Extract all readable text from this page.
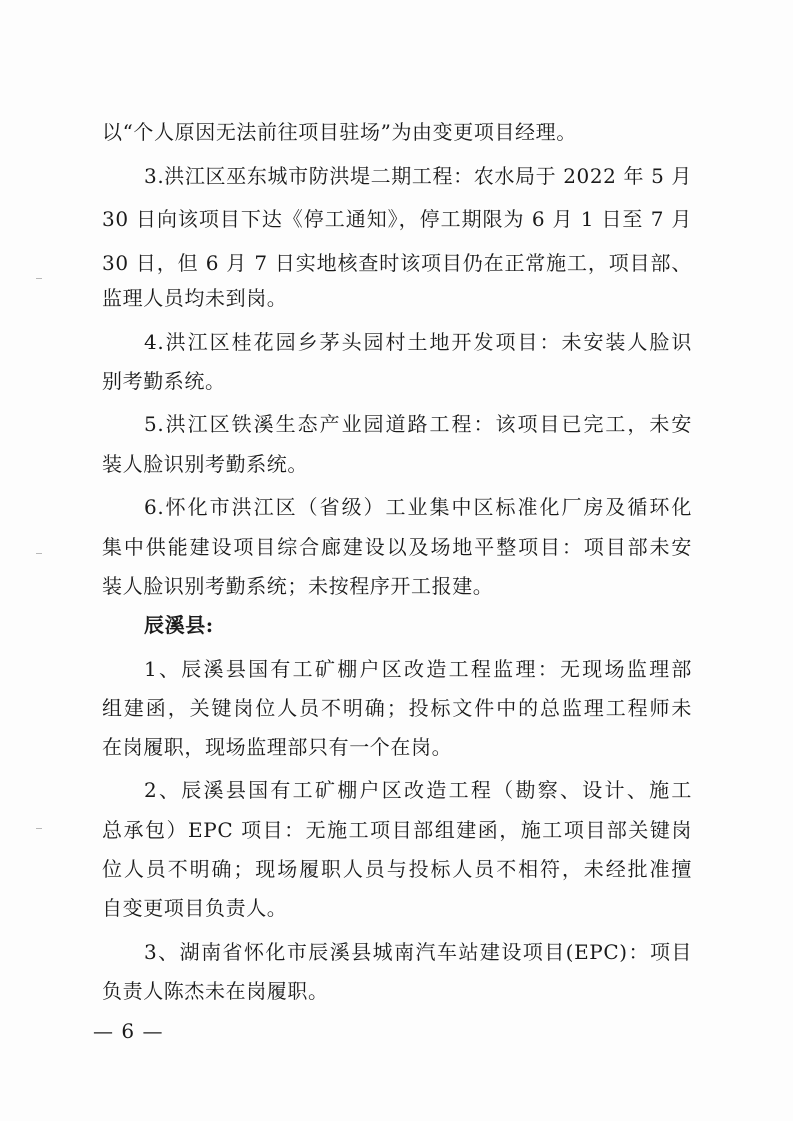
以“个人原因无法前往项目驻场”为由变更项目经理。
3.洪江区巫东城市防洪堤二期工程：农水局于 2022 年 5 月
30 日向该项目下达《停工通知》，停工期限为 6 月 1 日至 7 月
30 日，但 6 月 7 日实地核查时该项目仍在正常施工，项目部、
监理人员均未到岗。
4.洪江区桂花园乡茅头园村土地开发项目：未安装人脸识
别考勤系统。
5.洪江区铁溪生态产业园道路工程：该项目已完工，未安
装人脸识别考勤系统。
6.怀化市洪江区（省级）工业集中区标准化厂房及循环化
集中供能建设项目综合廊建设以及场地平整项目：项目部未安
装人脸识别考勤系统；未按程序开工报建。
辰溪县:
1、辰溪县国有工矿棚户区改造工程监理：无现场监理部
组建函，关键岗位人员不明确；投标文件中的总监理工程师未
在岗履职，现场监理部只有一个在岗。
2、辰溪县国有工矿棚户区改造工程（勘察、设计、施工
总承包）EPC 项目：无施工项目部组建函，施工项目部关键岗
位人员不明确；现场履职人员与投标人员不相符，未经批准擅
自变更项目负责人。
3、湖南省怀化市辰溪县城南汽车站建设项目(EPC)：项目
负责人陈杰未在岗履职。
— 6 —
